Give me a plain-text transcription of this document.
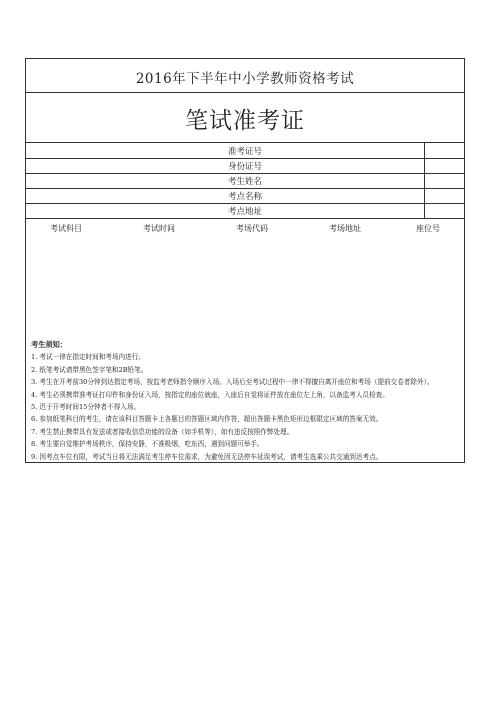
2016年下半年中小学教师资格考试
笔试准考证
准考证号
身份证号
考生姓名
考点名称
考点地址
考试科目	考试时间	考场代码	考场地址	座位号
考生须知：

1. 考试一律在指定时间和考场内进行。

2. 纸笔考试请带黑色签字笔和2B铅笔。

3. 考生在开考前30分钟到达指定考场，按监考老师指令顺序入场。入场后至考试过程中一律不得擅自离开座位和考场（提前交卷者除外）。

4. 考生必须携带准考证打印件和身份证入场，按指定的座位就座，入座后自觉将证件放在座位左上角，以备监考人员检查。

5. 迟于开考时间15分钟者不得入场。

6. 参加纸笔科目的考生，请在该科目答题卡上各题目的答题区域内作答，超出答题卡黑色矩形边框限定区域的答案无效。

7. 考生禁止携带具有发送或者接收信息功能的设备（如手机等），如有违反按照作弊处理。

8. 考生要自觉维护考场秩序，保持安静，不准吸烟，吃东西，遇到问题可举手。

9. 因考点车位有限，考试当日将无法满足考生停车位需求，为避免因无法停车延误考试，请考生选乘公共交通到达考点。
